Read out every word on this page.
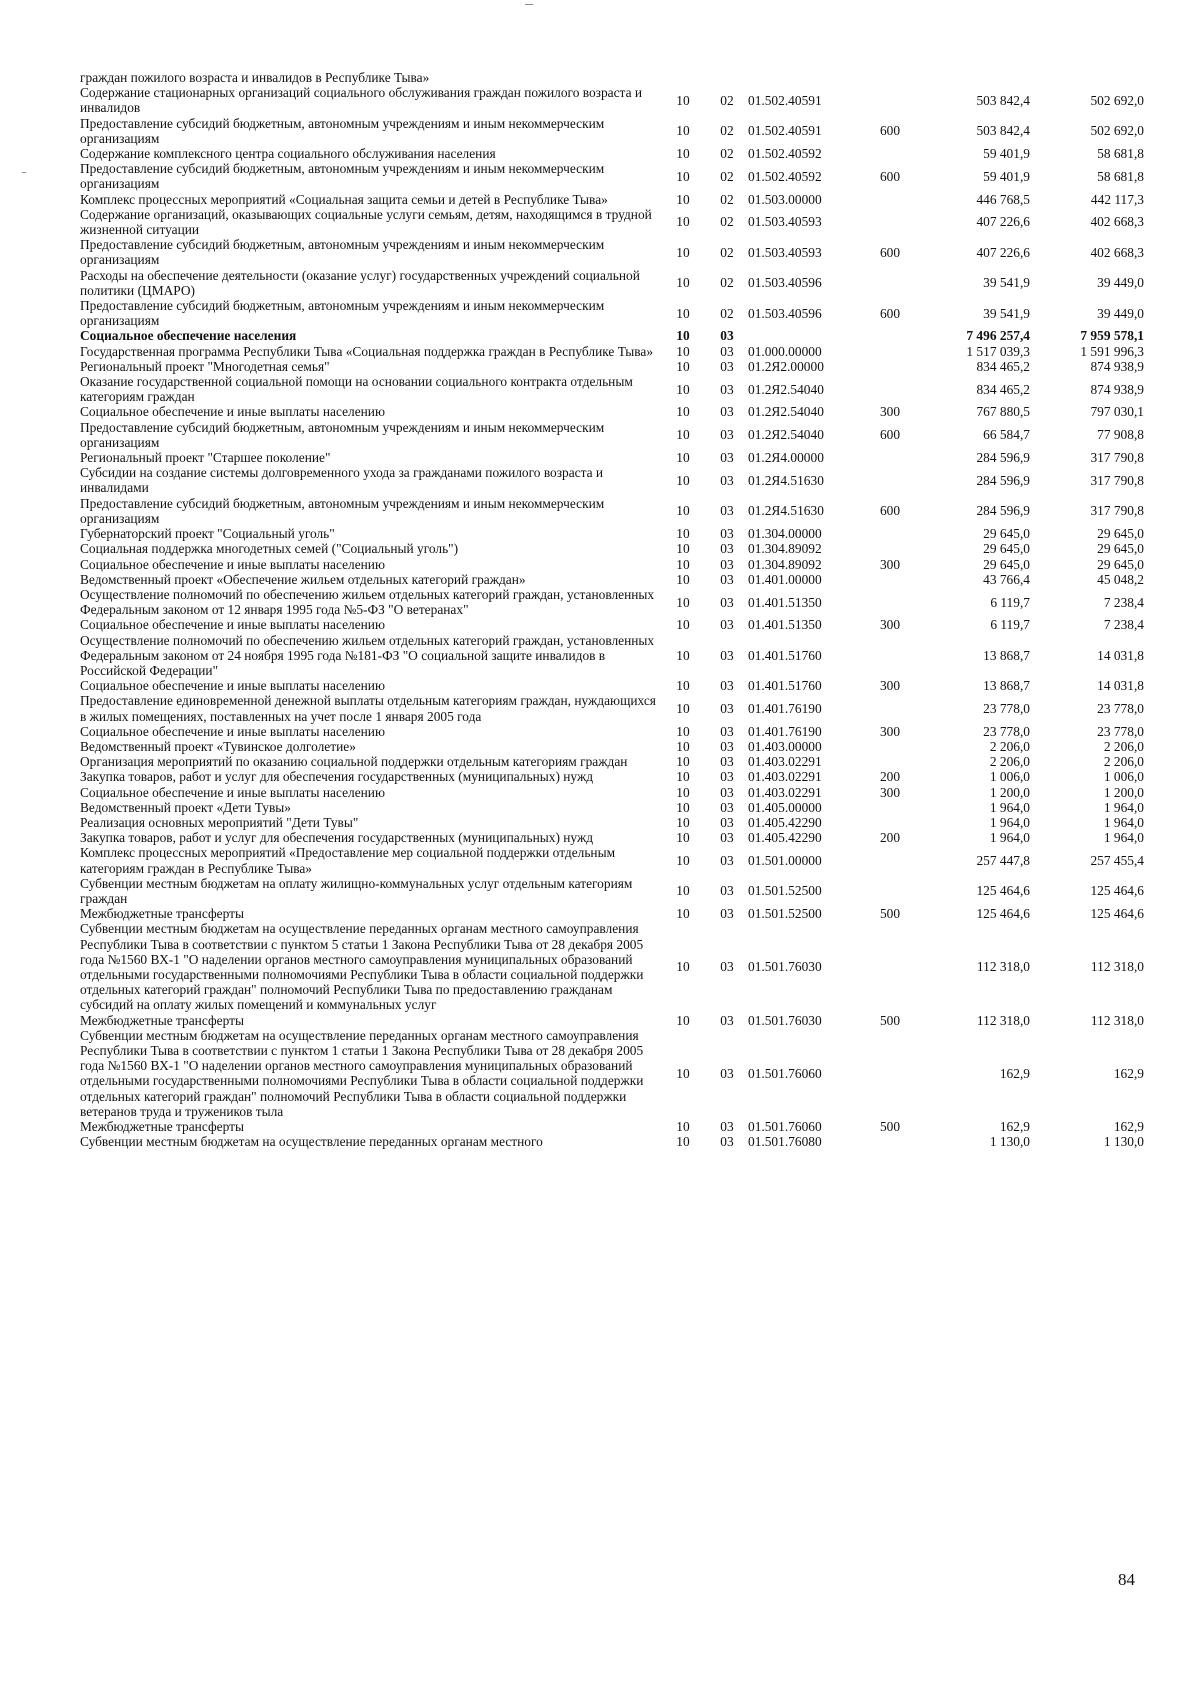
граждан пожилого возраста и инвалидов в Республике Тыва»						
Содержание стационарных организаций социального обслуживания граждан пожилого возраста и инвалидов	10	02	01.502.40591		503 842,4	502 692,0
Предоставление субсидий бюджетным, автономным учреждениям и иным некоммерческим организациям	10	02	01.502.40591	600	503 842,4	502 692,0
Содержание комплексного центра социального обслуживания населения	10	02	01.502.40592		59 401,9	58 681,8
Предоставление субсидий бюджетным, автономным учреждениям и иным некоммерческим организациям	10	02	01.502.40592	600	59 401,9	58 681,8
Комплекс процессных мероприятий «Социальная защита семьи и детей в Республике Тыва»	10	02	01.503.00000		446 768,5	442 117,3
Содержание организаций, оказывающих социальные услуги семьям, детям, находящимся в трудной жизненной ситуации	10	02	01.503.40593		407 226,6	402 668,3
Предоставление субсидий бюджетным, автономным учреждениям и иным некоммерческим организациям	10	02	01.503.40593	600	407 226,6	402 668,3
Расходы на обеспечение деятельности (оказание услуг) государственных учреждений социальной политики (ЦМАРО)	10	02	01.503.40596		39 541,9	39 449,0
Предоставление субсидий бюджетным, автономным учреждениям и иным некоммерческим организациям	10	02	01.503.40596	600	39 541,9	39 449,0
Социальное обеспечение населения	10	03			7 496 257,4	7 959 578,1
Государственная программа Республики Тыва «Социальная поддержка граждан в Республике Тыва»	10	03	01.000.00000		1 517 039,3	1 591 996,3
Региональный проект "Многодетная семья"	10	03	01.2Я2.00000		834 465,2	874 938,9
Оказание государственной социальной помощи на основании социального контракта отдельным категориям граждан	10	03	01.2Я2.54040		834 465,2	874 938,9
Социальное обеспечение и иные выплаты населению	10	03	01.2Я2.54040	300	767 880,5	797 030,1
Предоставление субсидий бюджетным, автономным учреждениям и иным некоммерческим организациям	10	03	01.2Я2.54040	600	66 584,7	77 908,8
Региональный проект "Старшее поколение"	10	03	01.2Я4.00000		284 596,9	317 790,8
Субсидии на создание системы долговременного ухода за гражданами пожилого возраста и инвалидами	10	03	01.2Я4.51630		284 596,9	317 790,8
Предоставление субсидий бюджетным, автономным учреждениям и иным некоммерческим организациям	10	03	01.2Я4.51630	600	284 596,9	317 790,8
Губернаторский проект "Социальный уголь"	10	03	01.304.00000		29 645,0	29 645,0
Социальная поддержка многодетных семей ("Социальный уголь")	10	03	01.304.89092		29 645,0	29 645,0
Социальное обеспечение и иные выплаты населению	10	03	01.304.89092	300	29 645,0	29 645,0
Ведомственный проект «Обеспечение жильем отдельных категорий граждан»	10	03	01.401.00000		43 766,4	45 048,2
Осуществление полномочий по обеспечению жильем отдельных категорий граждан, установленных Федеральным законом от 12 января 1995 года №5-ФЗ "О ветеранах"	10	03	01.401.51350		6 119,7	7 238,4
Социальное обеспечение и иные выплаты населению	10	03	01.401.51350	300	6 119,7	7 238,4
Осуществление полномочий по обеспечению жильем отдельных категорий граждан, установленных Федеральным законом от 24 ноября 1995 года №181-ФЗ "О социальной защите инвалидов в Российской Федерации"	10	03	01.401.51760		13 868,7	14 031,8
Социальное обеспечение и иные выплаты населению	10	03	01.401.51760	300	13 868,7	14 031,8
Предоставление единовременной денежной выплаты отдельным категориям граждан, нуждающихся в жилых помещениях, поставленных на учет после 1 января 2005 года	10	03	01.401.76190		23 778,0	23 778,0
Социальное обеспечение и иные выплаты населению	10	03	01.401.76190	300	23 778,0	23 778,0
Ведомственный проект «Тувинское долголетие»	10	03	01.403.00000		2 206,0	2 206,0
Организация мероприятий по оказанию социальной поддержки отдельным категориям граждан	10	03	01.403.02291		2 206,0	2 206,0
Закупка товаров, работ и услуг для обеспечения государственных (муниципальных) нужд	10	03	01.403.02291	200	1 006,0	1 006,0
Социальное обеспечение и иные выплаты населению	10	03	01.403.02291	300	1 200,0	1 200,0
Ведомственный проект «Дети Тувы»	10	03	01.405.00000		1 964,0	1 964,0
Реализация основных мероприятий "Дети Тувы"	10	03	01.405.42290		1 964,0	1 964,0
Закупка товаров, работ и услуг для обеспечения государственных (муниципальных) нужд	10	03	01.405.42290	200	1 964,0	1 964,0
Комплекс процессных мероприятий «Предоставление мер социальной поддержки отдельным категориям граждан в Республике Тыва»	10	03	01.501.00000		257 447,8	257 455,4
Субвенции местным бюджетам на оплату жилищно-коммунальных услуг отдельным категориям граждан	10	03	01.501.52500		125 464,6	125 464,6
Межбюджетные трансферты	10	03	01.501.52500	500	125 464,6	125 464,6
Субвенции местным бюджетам на осуществление переданных органам местного самоуправления Республики Тыва в соответствии с пунктом 5 статьи 1 Закона Республики Тыва от 28 декабря 2005 года №1560 ВХ-1 "О наделении органов местного самоуправления муниципальных образований отдельными государственными полномочиями Республики Тыва в области социальной поддержки отдельных категорий граждан" полномочий Республики Тыва по предоставлению гражданам субсидий на оплату жилых помещений и коммунальных услуг	10	03	01.501.76030		112 318,0	112 318,0
Межбюджетные трансферты	10	03	01.501.76030	500	112 318,0	112 318,0
Субвенции местным бюджетам на осуществление переданных органам местного самоуправления Республики Тыва в соответствии с пунктом 1 статьи 1 Закона Республики Тыва от 28 декабря 2005 года №1560 ВХ-1 "О наделении органов местного самоуправления муниципальных образований отдельными государственными полномочиями Республики Тыва в области социальной поддержки отдельных категорий граждан" полномочий Республики Тыва в области социальной поддержки ветеранов труда и тружеников тыла	10	03	01.501.76060		162,9	162,9
Межбюджетные трансферты	10	03	01.501.76060	500	162,9	162,9
Субвенции местным бюджетам на осуществление переданных органам местного	10	03	01.501.76080		1 130,0	1 130,0
84
